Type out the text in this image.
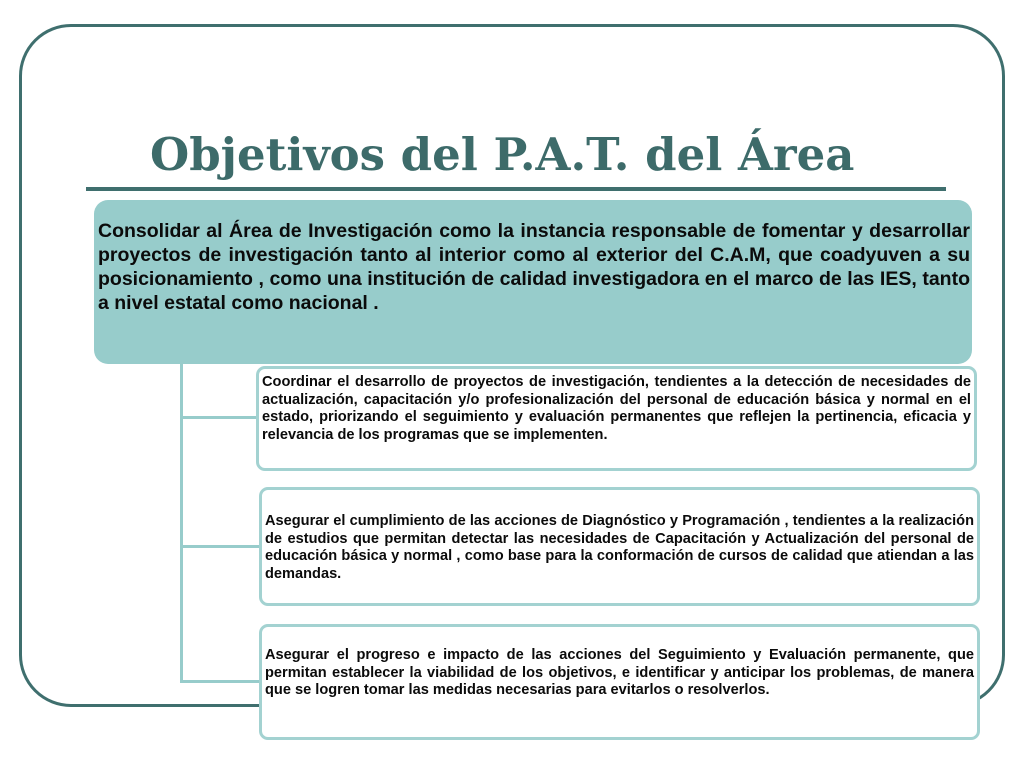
Objetivos del P.A.T. del Área

Consolidar al Área de Investigación como la instancia responsable de fomentar y desarrollar proyectos de investigación tanto al interior como al exterior del C.A.M, que coadyuven a su posicionamiento , como una institución de calidad investigadora en el marco de las IES, tanto a nivel estatal como nacional .

Coordinar el desarrollo de proyectos de investigación, tendientes a la detección de necesidades de actualización, capacitación y/o profesionalización del personal de educación básica y normal en el estado, priorizando el seguimiento y evaluación permanentes que reflejen la pertinencia, eficacia y relevancia de los programas que se implementen.

Asegurar el cumplimiento de las acciones de Diagnóstico y Programación , tendientes a la realización de estudios que permitan detectar las necesidades de Capacitación y Actualización del personal de educación básica y normal , como base para la conformación de cursos de calidad que atiendan a las demandas.

Asegurar el progreso e impacto de las acciones del Seguimiento y Evaluación permanente, que permitan establecer la viabilidad de los objetivos, e identificar y anticipar los problemas, de manera que se logren tomar las medidas necesarias para evitarlos o resolverlos.
